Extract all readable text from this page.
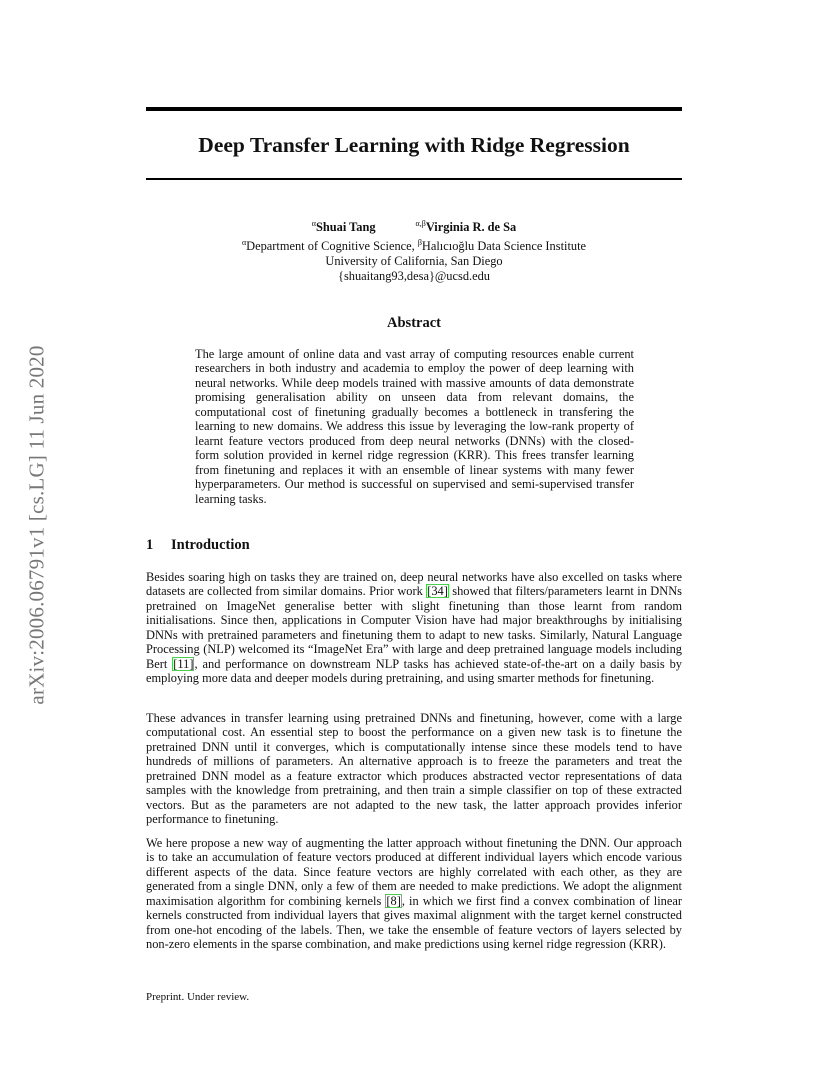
arXiv:2006.06791v1 [cs.LG] 11 Jun 2020
Deep Transfer Learning with Ridge Regression
$^\alpha$Shuai Tang	$^{\alpha,\beta}$Virginia R. de Sa
$^\alpha$Department of Cognitive Science, $^\beta$Halıcıoğlu Data Science Institute
University of California, San Diego
{shuaitang93,desa}@ucsd.edu
Abstract

The large amount of online data and vast array of computing resources enable current researchers in both industry and academia to employ the power of deep learning with neural networks. While deep models trained with massive amounts of data demonstrate promising generalisation ability on unseen data from relevant domains, the computational cost of finetuning gradually becomes a bottleneck in transfering the learning to new domains. We address this issue by leveraging the low-rank property of learnt feature vectors produced from deep neural networks (DNNs) with the closed-form solution provided in kernel ridge regression (KRR). This frees transfer learning from finetuning and replaces it with an ensemble of linear systems with many fewer hyperparameters. Our method is successful on supervised and semi-supervised transfer learning tasks.

1 Introduction

Besides soaring high on tasks they are trained on, deep neural networks have also excelled on tasks where datasets are collected from similar domains. Prior work [34] showed that filters/parameters learnt in DNNs pretrained on ImageNet generalise better with slight finetuning than those learnt from random initialisations. Since then, applications in Computer Vision have had major breakthroughs by initialising DNNs with pretrained parameters and finetuning them to adapt to new tasks. Similarly, Natural Language Processing (NLP) welcomed its “ImageNet Era” with large and deep pretrained language models including Bert [11], and performance on downstream NLP tasks has achieved state-of-the-art on a daily basis by employing more data and deeper models during pretraining, and using smarter methods for finetuning.

These advances in transfer learning using pretrained DNNs and finetuning, however, come with a large computational cost. An essential step to boost the performance on a given new task is to finetune the pretrained DNN until it converges, which is computationally intense since these models tend to have hundreds of millions of parameters. An alternative approach is to freeze the parameters and treat the pretrained DNN model as a feature extractor which produces abstracted vector representations of data samples with the knowledge from pretraining, and then train a simple classifier on top of these extracted vectors. But as the parameters are not adapted to the new task, the latter approach provides inferior performance to finetuning.

We here propose a new way of augmenting the latter approach without finetuning the DNN. Our approach is to take an accumulation of feature vectors produced at different individual layers which encode various different aspects of the data. Since feature vectors are highly correlated with each other, as they are generated from a single DNN, only a few of them are needed to make predictions. We adopt the alignment maximisation algorithm for combining kernels [8], in which we first find a convex combination of linear kernels constructed from individual layers that gives maximal alignment with the target kernel constructed from one-hot encoding of the labels. Then, we take the ensemble of feature vectors of layers selected by non-zero elements in the sparse combination, and make predictions using kernel ridge regression (KRR).

Preprint. Under review.
